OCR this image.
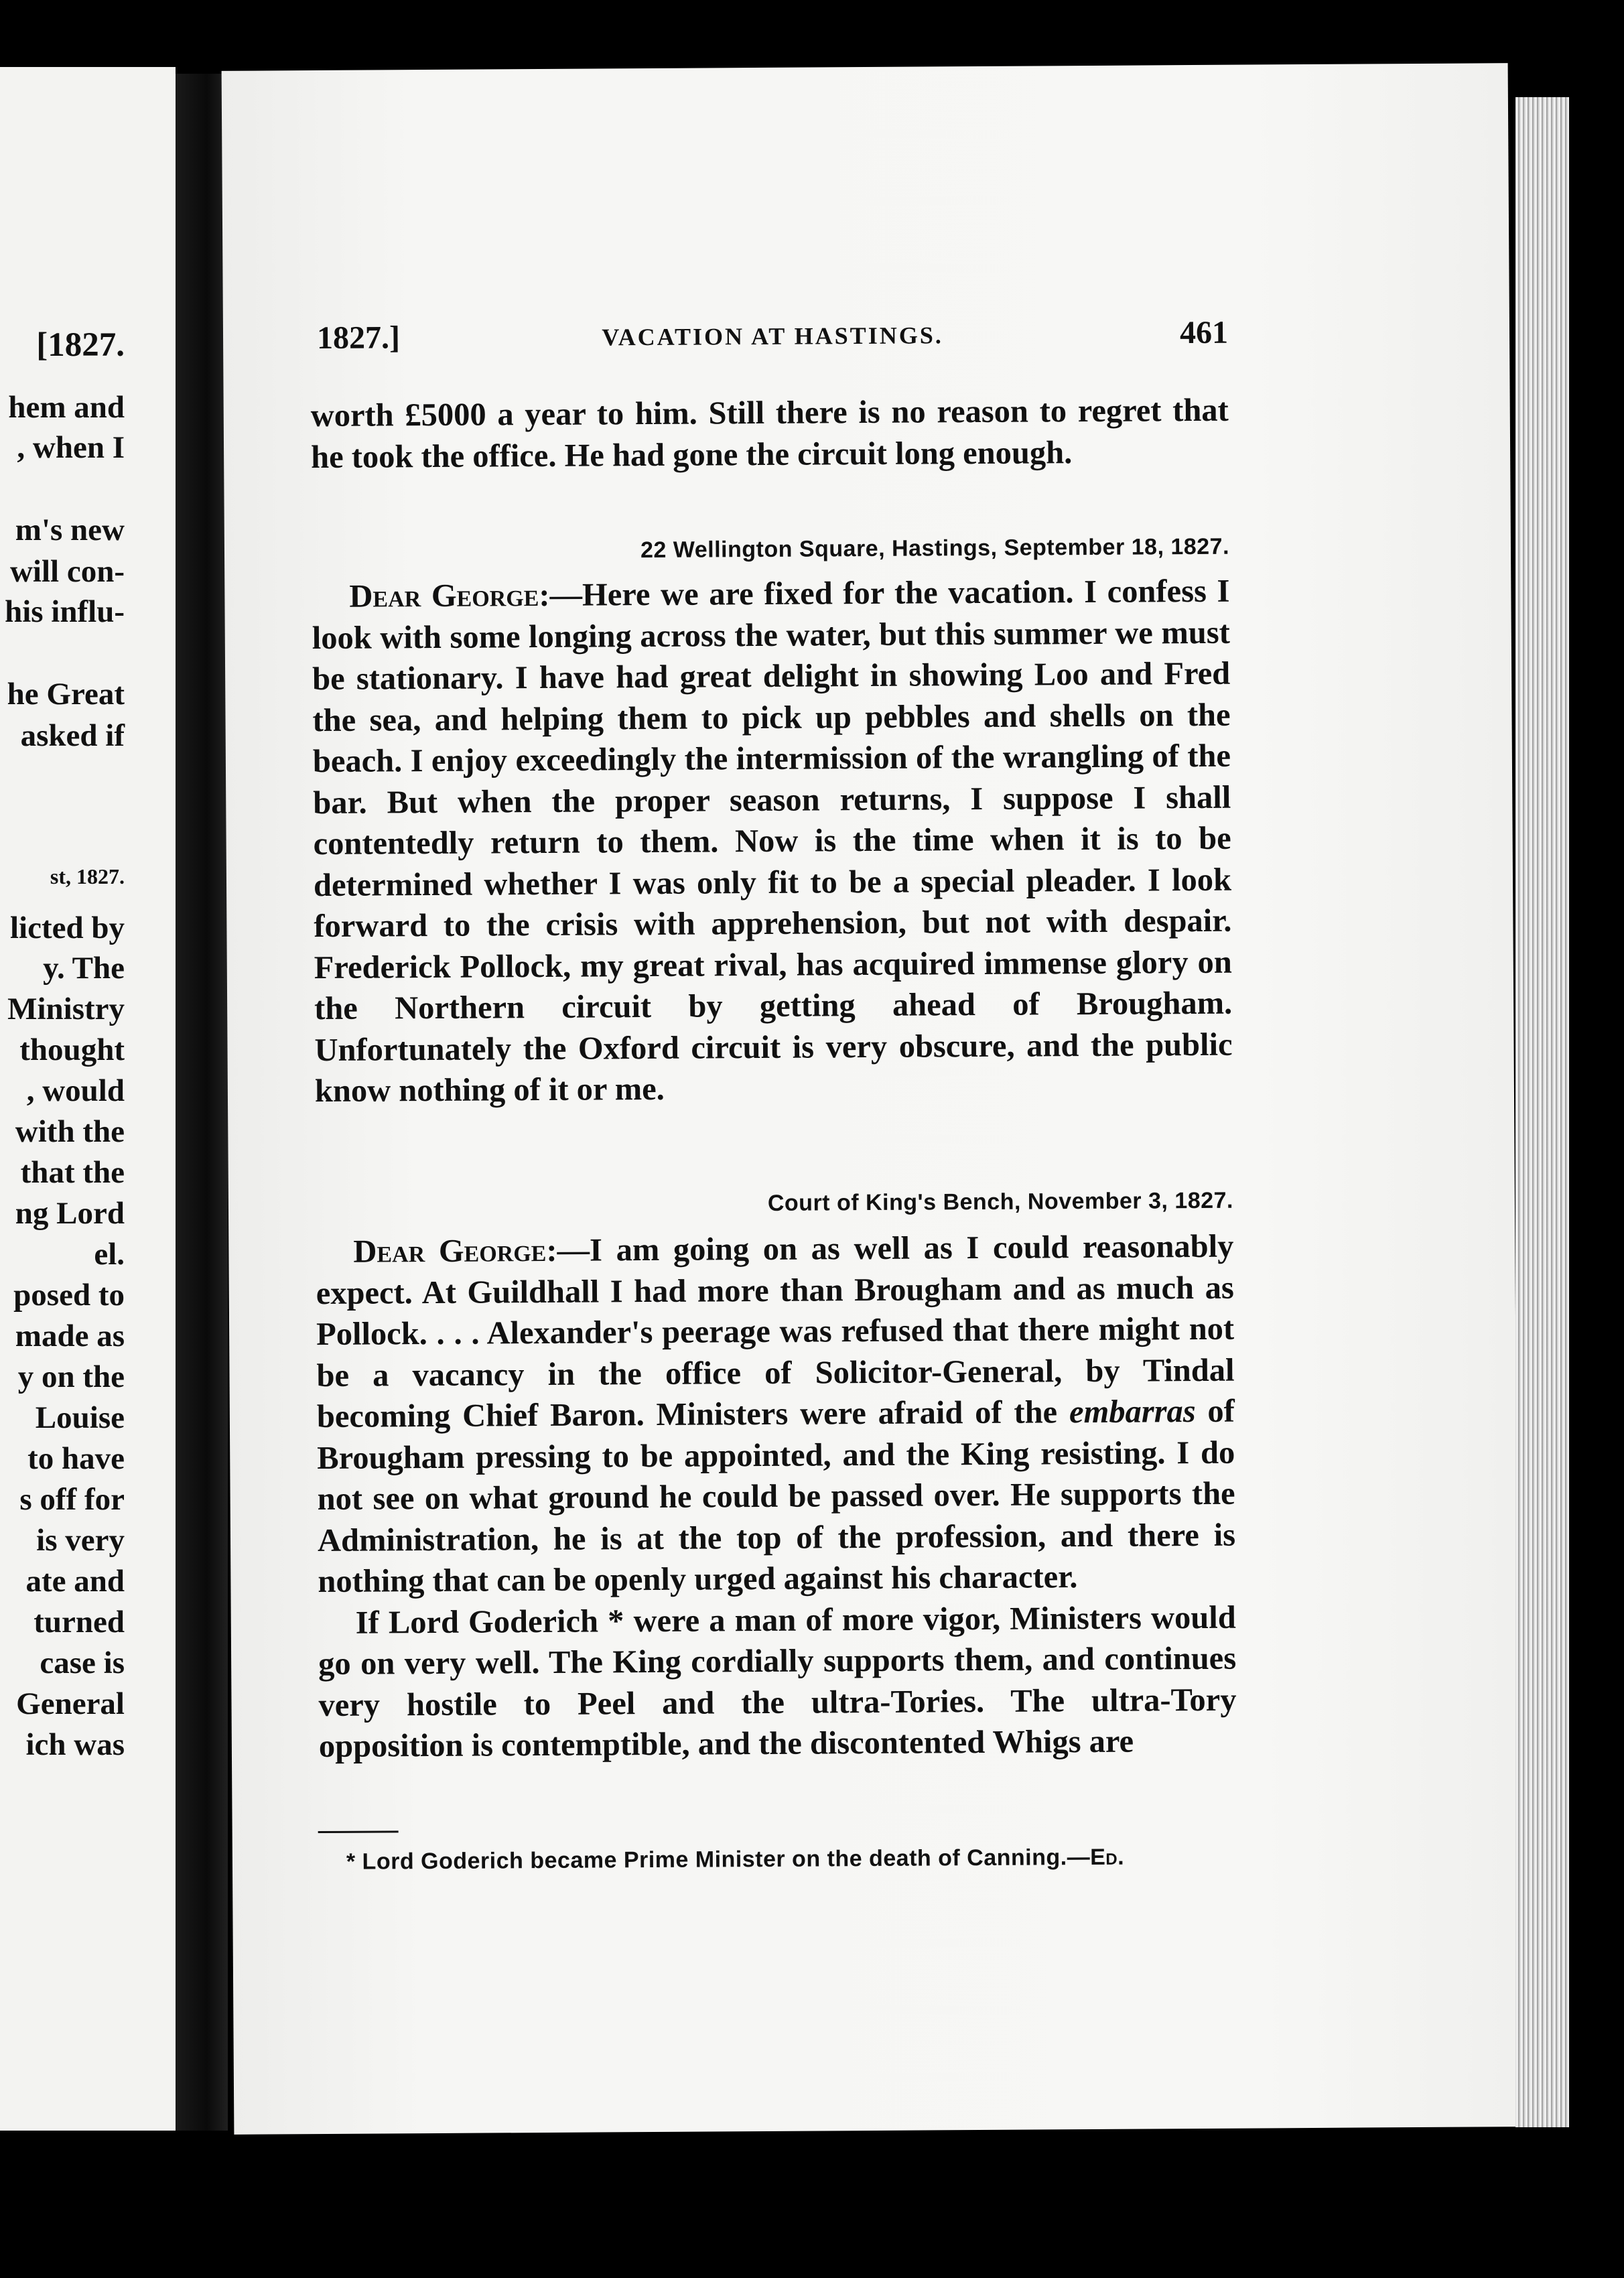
[1827.
hem and
, when I
m's new
will con-
his influ-
he Great
asked if
st, 1827.
licted by
y. The
Ministry
thought
, would
with the
that the
ng Lord
el.
posed to
made as
y on the
Louise
to have
s off for
is very
ate and
turned
case is
General
ich was
1827.]	VACATION AT HASTINGS.	461

worth £5000 a year to him. Still there is no reason to regret that he took the office. He had gone the circuit long enough.

22 Wellington Square, Hastings, September 18, 1827.

Dear George:—Here we are fixed for the vacation. I confess I look with some longing across the water, but this summer we must be stationary. I have had great delight in showing Loo and Fred the sea, and helping them to pick up pebbles and shells on the beach. I enjoy exceedingly the intermission of the wrangling of the bar. But when the proper season returns, I suppose I shall contentedly return to them. Now is the time when it is to be determined whether I was only fit to be a special pleader. I look forward to the crisis with apprehension, but not with despair. Frederick Pollock, my great rival, has acquired immense glory on the Northern circuit by getting ahead of Brougham. Unfortunately the Oxford circuit is very obscure, and the public know nothing of it or me.

Court of King's Bench, November 3, 1827.

Dear George:—I am going on as well as I could reasonably expect. At Guildhall I had more than Brougham and as much as Pollock. . . . Alexander's peerage was refused that there might not be a vacancy in the office of Solicitor-General, by Tindal becoming Chief Baron. Ministers were afraid of the embarras of Brougham pressing to be appointed, and the King resisting. I do not see on what ground he could be passed over. He supports the Administration, he is at the top of the profession, and there is nothing that can be openly urged against his character.

If Lord Goderich * were a man of more vigor, Ministers would go on very well. The King cordially supports them, and continues very hostile to Peel and the ultra-Tories. The ultra-Tory opposition is contemptible, and the discontented Whigs are

* Lord Goderich became Prime Minister on the death of Canning.—Ed.
